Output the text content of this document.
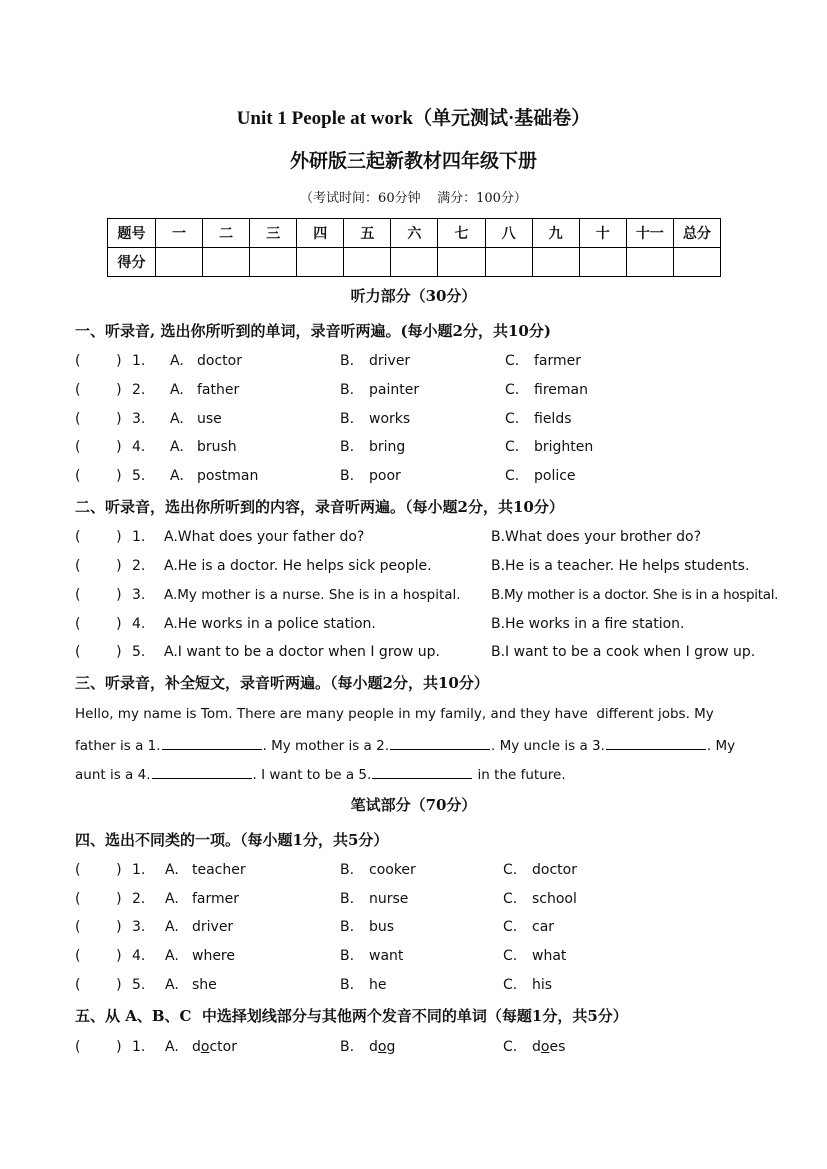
Unit 1 People at work（单元测试·基础卷）
外研版三起新教材四年级下册
（考试时间：60分钟    满分：100分）
题号	一	二	三	四	五	六	七	八	九	十	十一	总分
得分												
听力部分（30分）
一、听录音, 选出你所听到的单词，录音听两遍。(每小题2分，共10分)
(        ) 1. A. doctor	B. driver	C. farmer
(        ) 2. A. father	B. painter	C. fireman
(        ) 3. A. use	B. works	C. fields
(        ) 4. A. brush	B. bring	C. brighten
(        ) 5. A. postman	B. poor	C. police
二、听录音，选出你所听到的内容，录音听两遍。（每小题2分，共10分）
(        ) 1. A.What does your father do?	B.What does your brother do?
(        ) 2. A.He is a doctor. He helps sick people.	B.He is a teacher. He helps students.
(        ) 3. A.My mother is a nurse. She is in a hospital. B.My mother is a doctor. She is in a hospital.
(        ) 4. A.He works in a police station.	B.He works in a fire station.
(        ) 5. A.I want to be a doctor when I grow up.	B.I want to be a cook when I grow up.
三、听录音，补全短文，录音听两遍。（每小题2分，共10分）
Hello, my name is Tom. There are many people in my family, and they have  different jobs. My
father is a 1.	. My mother is a 2.	. My uncle is a 3.	. My
aunt is a 4.	. I want to be a 5.	in the future.
笔试部分（70分）
四、选出不同类的一项。（每小题1分，共5分）
(        ) 1. A. teacher	B. cooker	C. doctor
(        ) 2. A. farmer	B. nurse	C. school
(        ) 3. A. driver	B. bus	C. car
(        ) 4. A. where	B. want	C. what
(        ) 5. A. she	B. he	C. his
五、从 A、B、C  中选择划线部分与其他两个发音不同的单词（每题1分，共5分）
(        ) 1. A. doctor	B. dog	C. does
